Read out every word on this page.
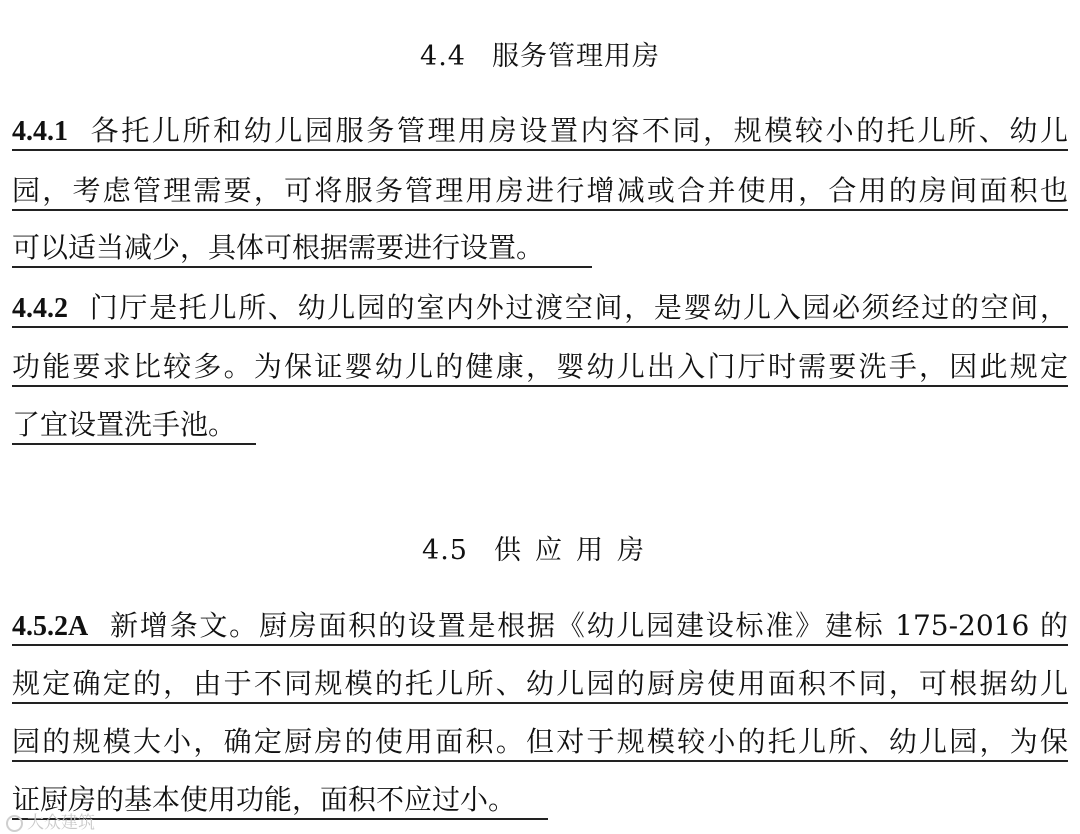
4.4 服务管理用房
4.4.1 各托儿所和幼儿园服务管理用房设置内容不同，规模较小的托儿所、幼儿
园，考虑管理需要，可将服务管理用房进行增减或合并使用，合用的房间面积也
可以适当减少，具体可根据需要进行设置。
4.4.2 门厅是托儿所、幼儿园的室内外过渡空间，是婴幼儿入园必须经过的空间，
功能要求比较多。为保证婴幼儿的健康，婴幼儿出入门厅时需要洗手，因此规定
了宜设置洗手池。
4.5 供应用房
4.5.2A 新增条文。厨房面积的设置是根据《幼儿园建设标准》建标 175-2016 的
规定确定的，由于不同规模的托儿所、幼儿园的厨房使用面积不同，可根据幼儿
园的规模大小，确定厨房的使用面积。但对于规模较小的托儿所、幼儿园，为保
证厨房的基本使用功能，面积不应过小。
大众建筑
